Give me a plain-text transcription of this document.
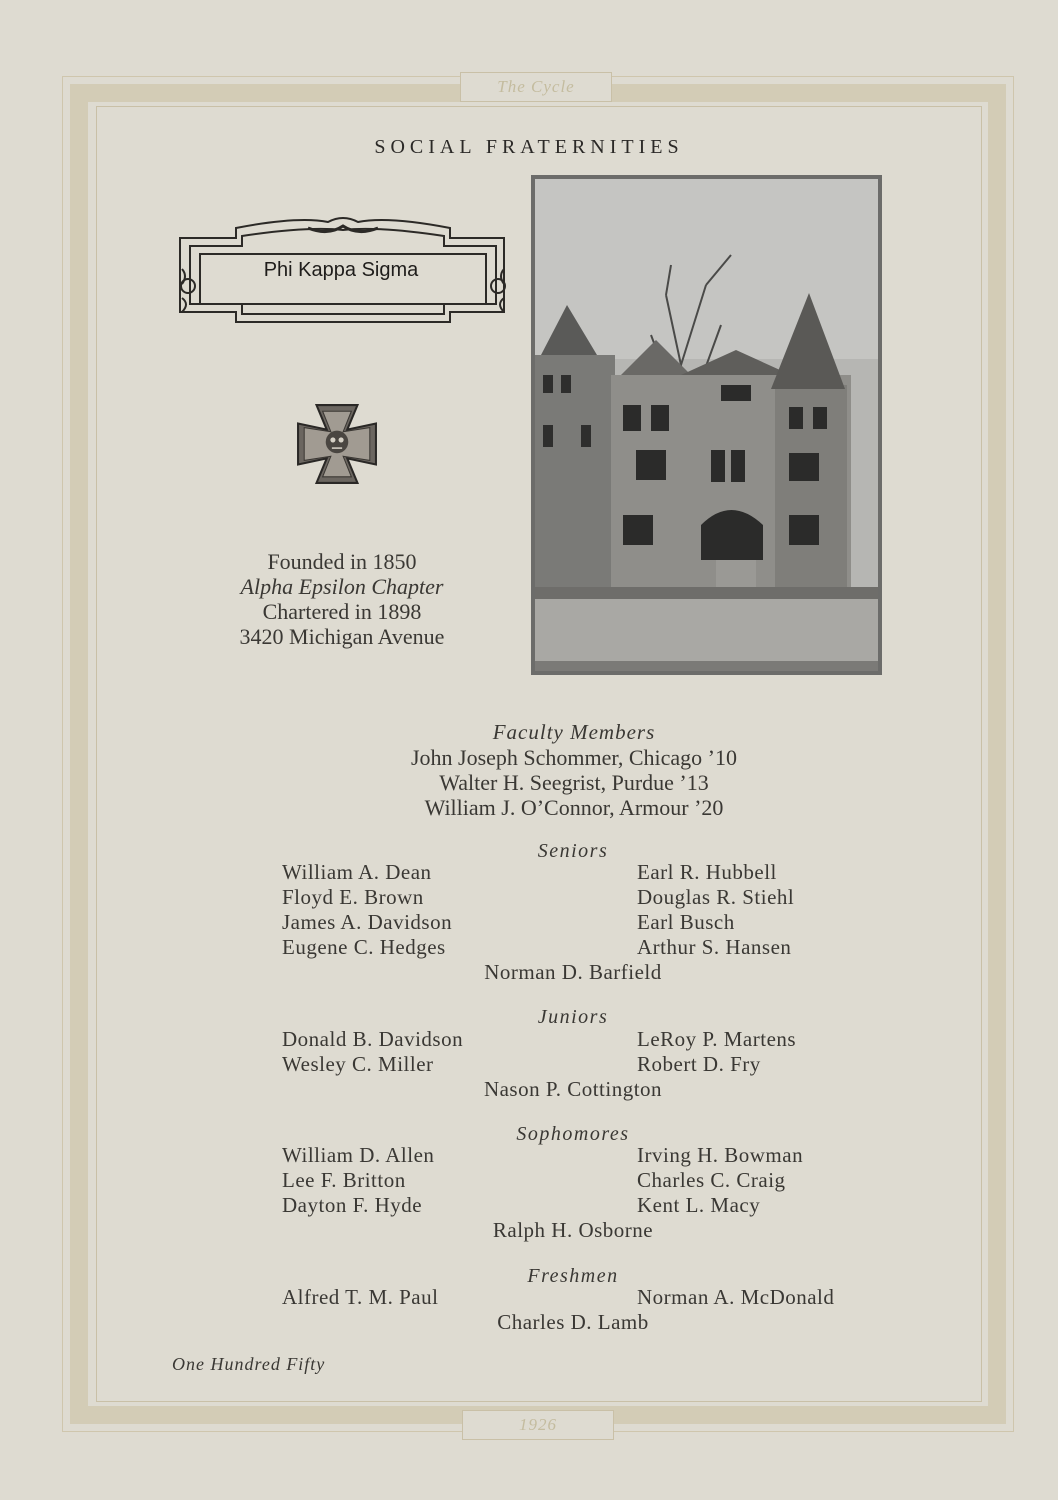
The Cycle
1926
SOCIAL FRATERNITIES
Phi Kappa Sigma
Founded in 1850
Alpha Epsilon Chapter
Chartered in 1898
3420 Michigan Avenue
Faculty Members
John Joseph Schommer, Chicago ’10
Walter H. Seegrist, Purdue ’13
William J. O’Connor, Armour ’20
Seniors
William A. Dean
Floyd E. Brown
James A. Davidson
Eugene C. Hedges
Earl R. Hubbell
Douglas R. Stiehl
Earl Busch
Arthur S. Hansen
Norman D. Barfield
Juniors
Donald B. Davidson
Wesley C. Miller
LeRoy P. Martens
Robert D. Fry
Nason P. Cottington
Sophomores
William D. Allen
Lee F. Britton
Dayton F. Hyde
Irving H. Bowman
Charles C. Craig
Kent L. Macy
Ralph H. Osborne
Freshmen
Alfred T. M. Paul	Norman A. McDonald
Charles D. Lamb
One Hundred Fifty
